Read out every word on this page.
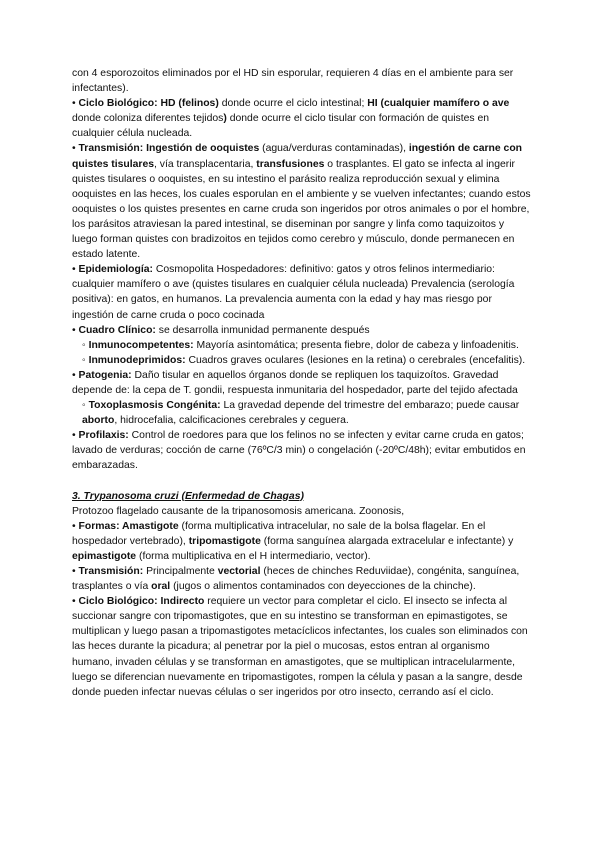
con 4 esporozoitos eliminados por el HD sin esporular, requieren 4 días en el ambiente para ser infectantes).

• Ciclo Biológico: HD (felinos) donde ocurre el ciclo intestinal; HI (cualquier mamífero o ave donde coloniza diferentes tejidos) donde ocurre el ciclo tisular con formación de quistes en cualquier célula nucleada.

• Transmisión: Ingestión de ooquistes (agua/verduras contaminadas), ingestión de carne con quistes tisulares, vía transplacentaria, transfusiones o trasplantes. El gato se infecta al ingerir quistes tisulares o ooquistes, en su intestino el parásito realiza reproducción sexual y elimina ooquistes en las heces, los cuales esporulan en el ambiente y se vuelven infectantes; cuando estos ooquistes o los quistes presentes en carne cruda son ingeridos por otros animales o por el hombre, los parásitos atraviesan la pared intestinal, se diseminan por sangre y linfa como taquizoitos y luego forman quistes con bradizoitos en tejidos como cerebro y músculo, donde permanecen en estado latente.

• Epidemiología: Cosmopolita Hospedadores: definitivo: gatos y otros felinos intermediario: cualquier mamífero o ave (quistes tisulares en cualquier célula nucleada) Prevalencia (serología positiva): en gatos, en humanos. La prevalencia aumenta con la edad y hay mas riesgo por ingestión de carne cruda o poco cocinada

• Cuadro Clínico: se desarrolla inmunidad permanente después

◦ Inmunocompetentes: Mayoría asintomática; presenta fiebre, dolor de cabeza y linfoadenitis.

◦ Inmunodeprimidos: Cuadros graves oculares (lesiones en la retina) o cerebrales (encefalitis).

• Patogenia: Daño tisular en aquellos órganos donde se repliquen los taquizoítos. Gravedad depende de: la cepa de T. gondii, respuesta inmunitaria del hospedador, parte del tejido afectada

◦ Toxoplasmosis Congénita: La gravedad depende del trimestre del embarazo; puede causar aborto, hidrocefalia, calcificaciones cerebrales y ceguera.

• Profilaxis: Control de roedores para que los felinos no se infecten y evitar carne cruda en gatos; lavado de verduras; cocción de carne (76ºC/3 min) o congelación (-20ºC/48h); evitar embutidos en embarazadas.

3. Trypanosoma cruzi (Enfermedad de Chagas)

Protozoo flagelado causante de la tripanosomosis americana. Zoonosis,

• Formas: Amastigote (forma multiplicativa intracelular, no sale de la bolsa flagelar. En el hospedador vertebrado), tripomastigote (forma sanguínea alargada extracelular e infectante) y epimastigote (forma multiplicativa en el H intermediario, vector).

• Transmisión: Principalmente vectorial (heces de chinches Reduviidae), congénita, sanguínea, trasplantes o vía oral (jugos o alimentos contaminados con deyecciones de la chinche).

• Ciclo Biológico: Indirecto requiere un vector para completar el ciclo. El insecto se infecta al succionar sangre con tripomastigotes, que en su intestino se transforman en epimastigotes, se multiplican y luego pasan a tripomastigotes metacíclicos infectantes, los cuales son eliminados con las heces durante la picadura; al penetrar por la piel o mucosas, estos entran al organismo humano, invaden células y se transforman en amastigotes, que se multiplican intracelularmente, luego se diferencian nuevamente en tripomastigotes, rompen la célula y pasan a la sangre, desde donde pueden infectar nuevas células o ser ingeridos por otro insecto, cerrando así el ciclo.
